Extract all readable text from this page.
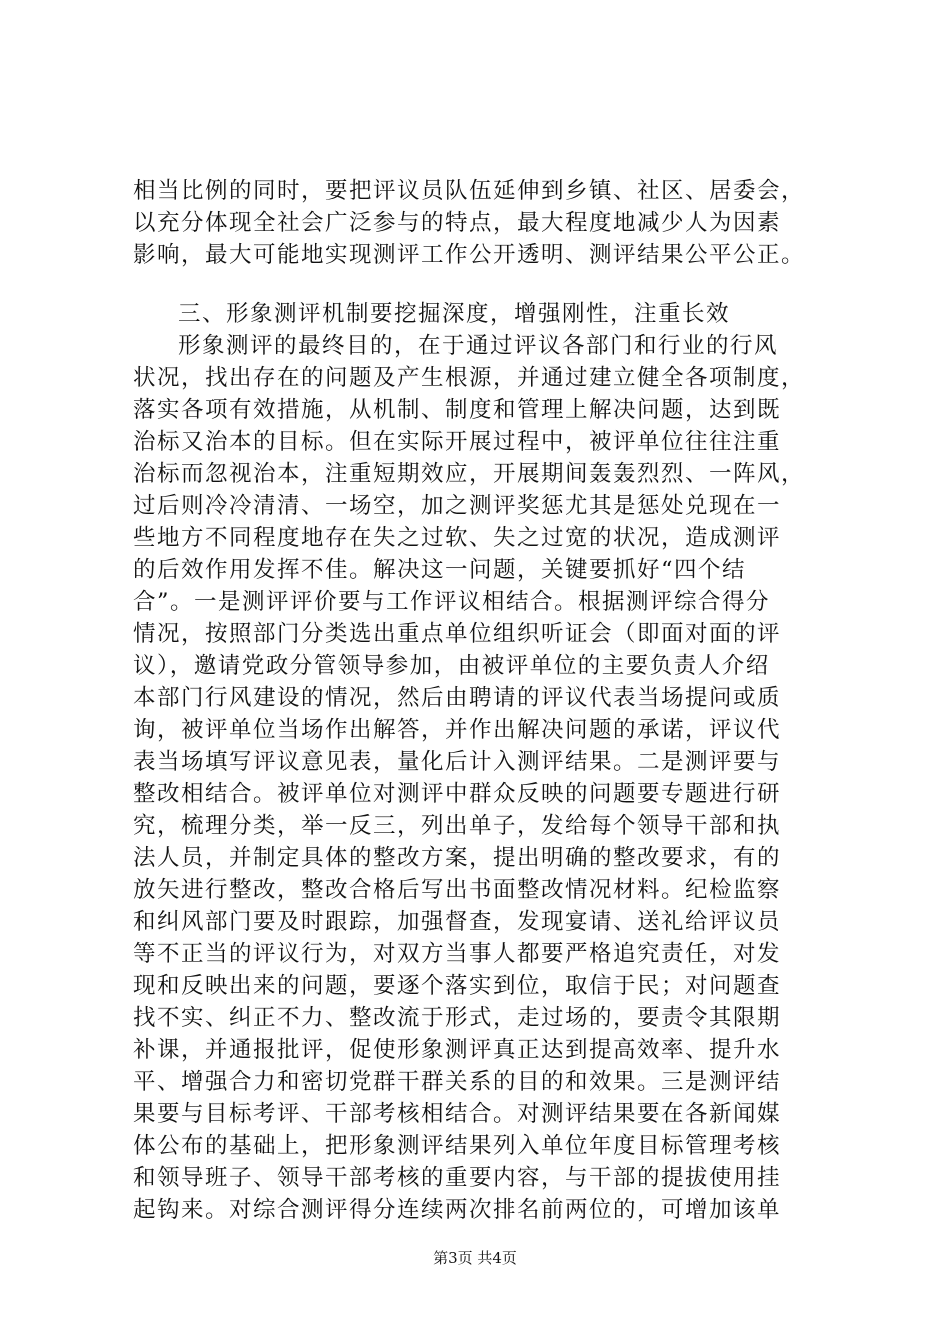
相当比例的同时，要把评议员队伍延伸到乡镇、社区、居委会，
以充分体现全社会广泛参与的特点，最大程度地减少人为因素
影响，最大可能地实现测评工作公开透明、测评结果公平公正。
三、形象测评机制要挖掘深度，增强刚性，注重长效
形象测评的最终目的，在于通过评议各部门和行业的行风
状况，找出存在的问题及产生根源，并通过建立健全各项制度，
落实各项有效措施，从机制、制度和管理上解决问题，达到既
治标又治本的目标。但在实际开展过程中，被评单位往往注重
治标而忽视治本，注重短期效应，开展期间轰轰烈烈、一阵风，
过后则冷冷清清、一场空，加之测评奖惩尤其是惩处兑现在一
些地方不同程度地存在失之过软、失之过宽的状况，造成测评
的后效作用发挥不佳。解决这一问题，关键要抓好“四个结
合”。一是测评评价要与工作评议相结合。根据测评综合得分
情况，按照部门分类选出重点单位组织听证会（即面对面的评
议），邀请党政分管领导参加，由被评单位的主要负责人介绍
本部门行风建设的情况，然后由聘请的评议代表当场提问或质
询，被评单位当场作出解答，并作出解决问题的承诺，评议代
表当场填写评议意见表，量化后计入测评结果。二是测评要与
整改相结合。被评单位对测评中群众反映的问题要专题进行研
究，梳理分类，举一反三，列出单子，发给每个领导干部和执
法人员，并制定具体的整改方案，提出明确的整改要求，有的
放矢进行整改，整改合格后写出书面整改情况材料。纪检监察
和纠风部门要及时跟踪，加强督查，发现宴请、送礼给评议员
等不正当的评议行为，对双方当事人都要严格追究责任，对发
现和反映出来的问题，要逐个落实到位，取信于民；对问题查
找不实、纠正不力、整改流于形式，走过场的，要责令其限期
补课，并通报批评，促使形象测评真正达到提高效率、提升水
平、增强合力和密切党群干群关系的目的和效果。三是测评结
果要与目标考评、干部考核相结合。对测评结果要在各新闻媒
体公布的基础上，把形象测评结果列入单位年度目标管理考核
和领导班子、领导干部考核的重要内容，与干部的提拔使用挂
起钩来。对综合测评得分连续两次排名前两位的，可增加该单
第3页 共4页
